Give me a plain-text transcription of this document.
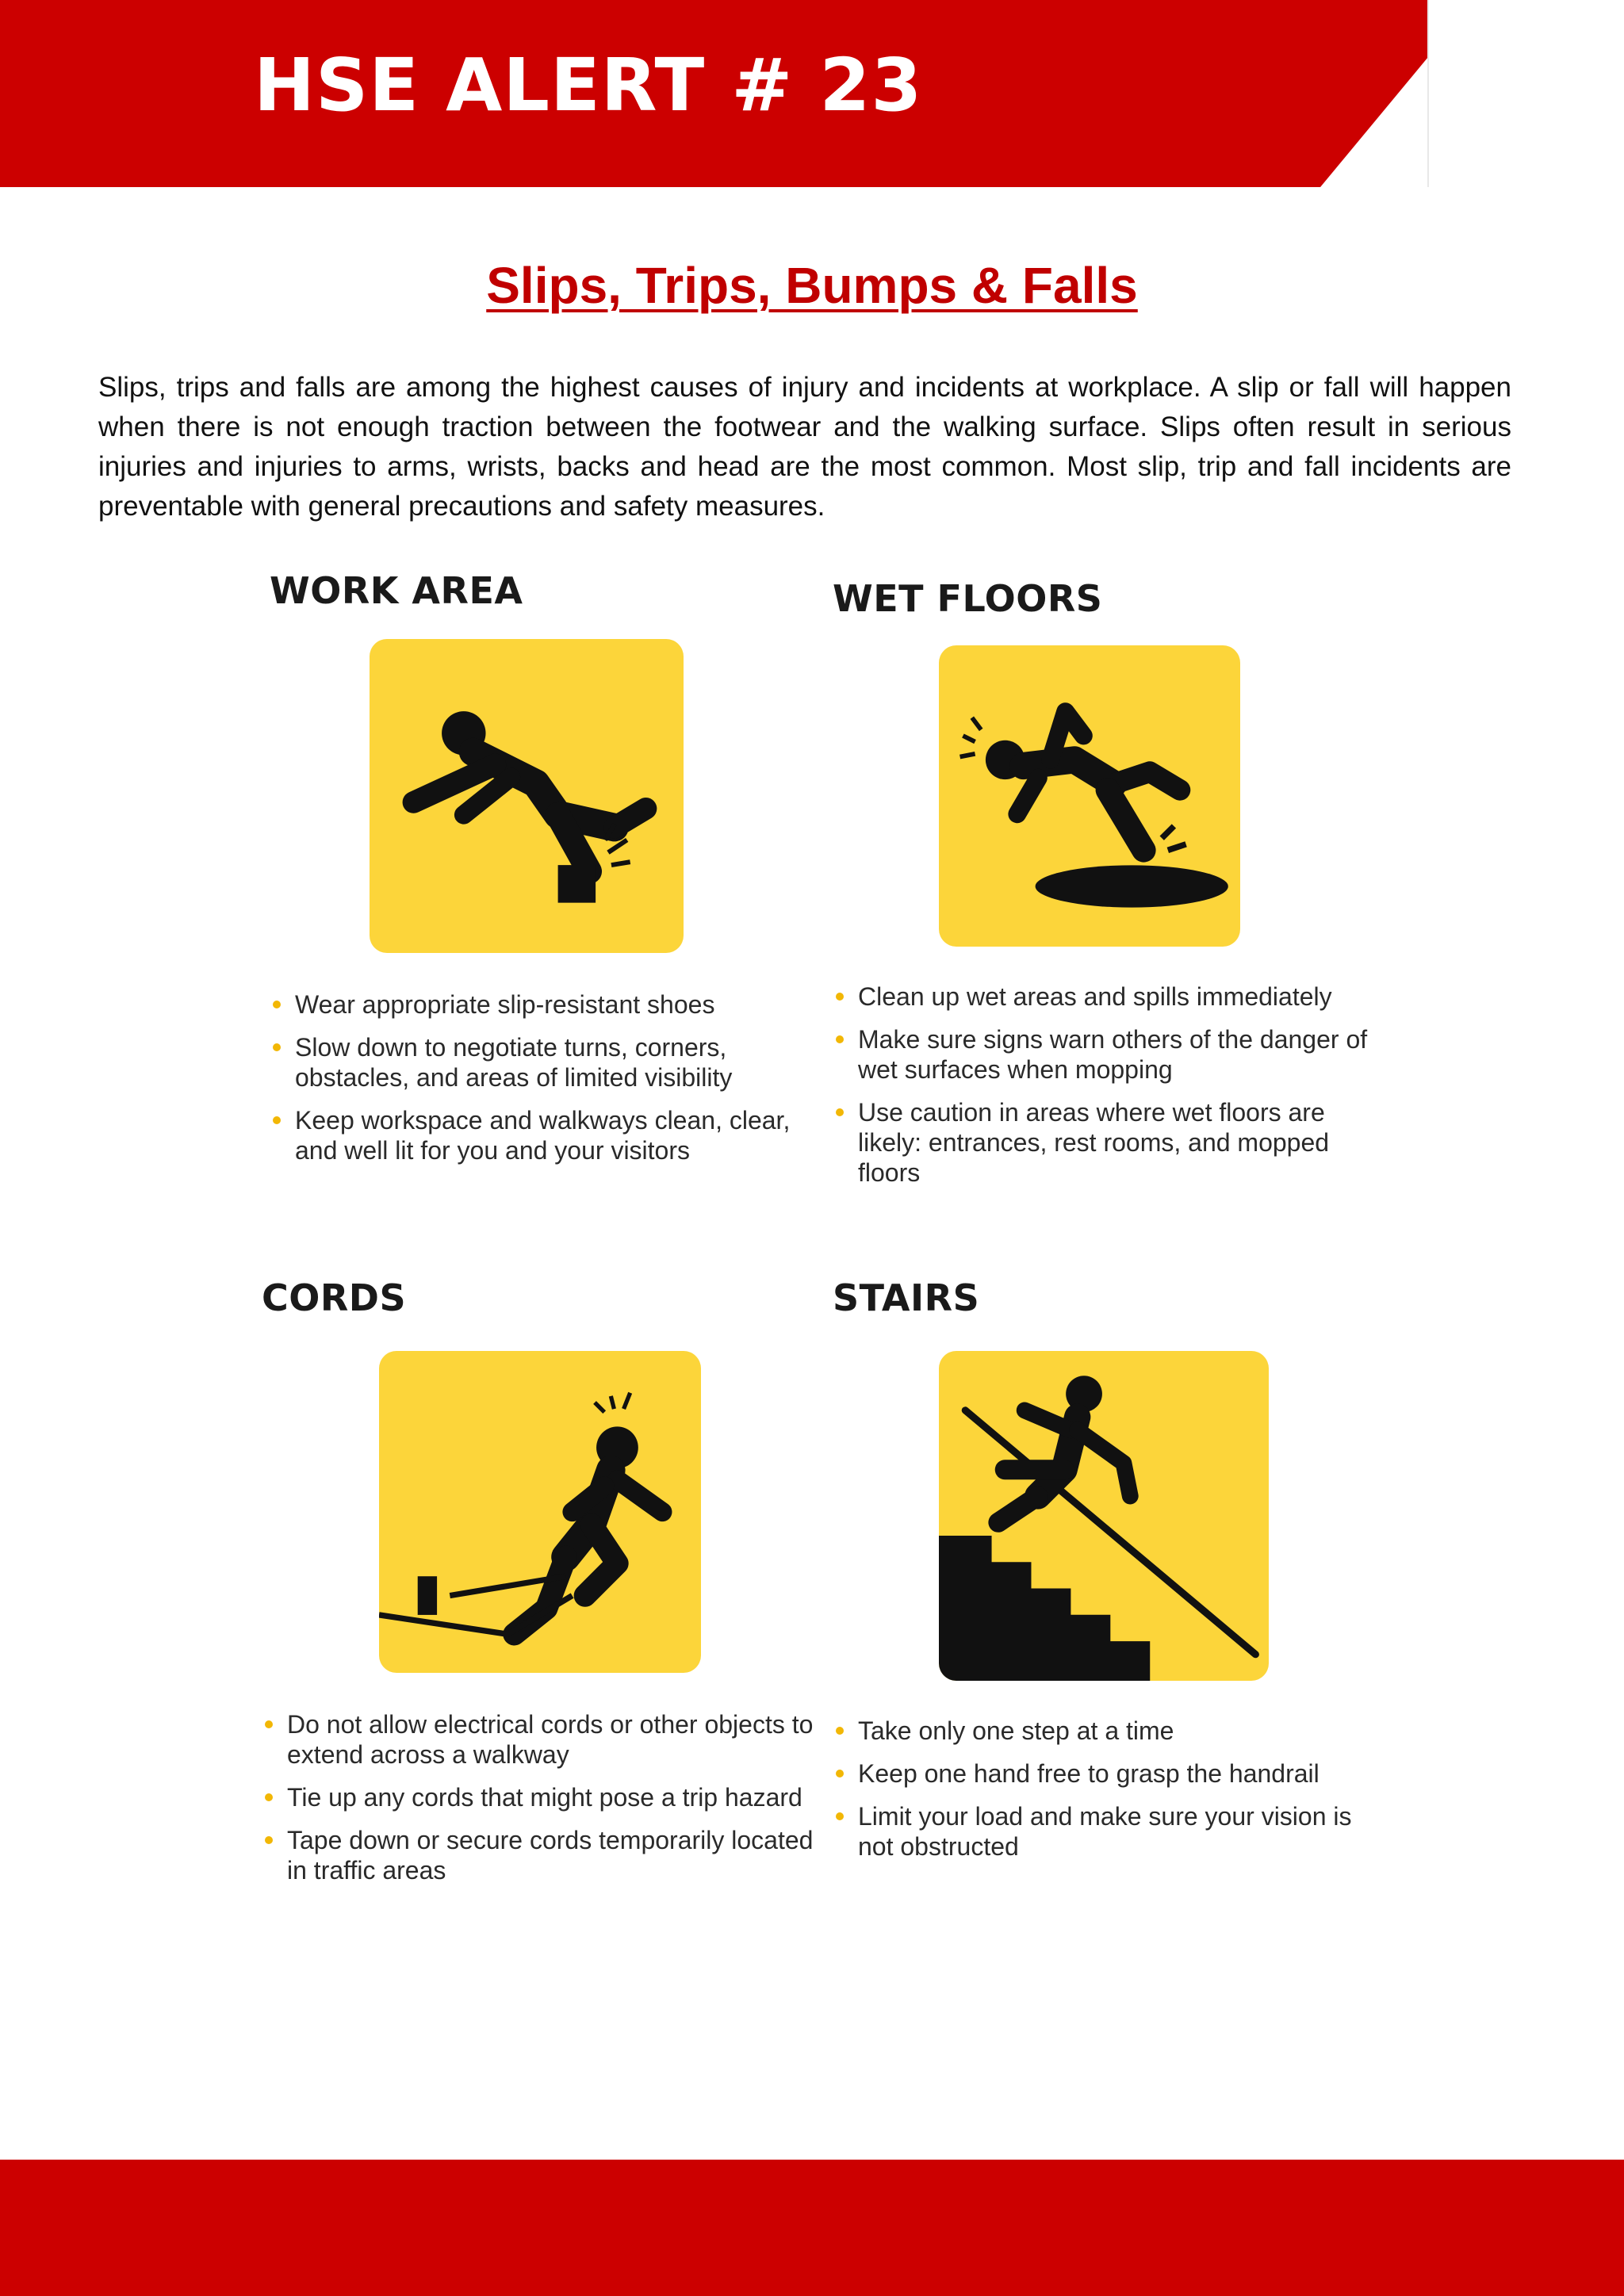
HSE ALERT # 23
Slips, Trips, Bumps & Falls

Slips, trips and falls are among the highest causes of injury and incidents at workplace. A slip or fall will happen when there is not enough traction between the footwear and the walking surface. Slips often result in serious injuries and injuries to arms, wrists, backs and head are the most common. Most slip, trip and fall incidents are preventable with general precautions and safety measures.

WORK AREA
Wear appropriate slip-resistant shoes
Slow down to negotiate turns, corners, obstacles, and areas of limited visibility
Keep workspace and walkways clean, clear, and well lit for you and your visitors
WET FLOORS
Clean up wet areas and spills immediately
Make sure signs warn others of the danger of wet surfaces when mopping
Use caution in areas where wet floors are likely: entrances, rest rooms, and mopped floors
CORDS
Do not allow electrical cords or other objects to extend across a walkway
Tie up any cords that might pose a trip hazard
Tape down or secure cords temporarily located in traffic areas
STAIRS
Take only one step at a time
Keep one hand free to grasp the handrail
Limit your load and make sure your vision is not obstructed
